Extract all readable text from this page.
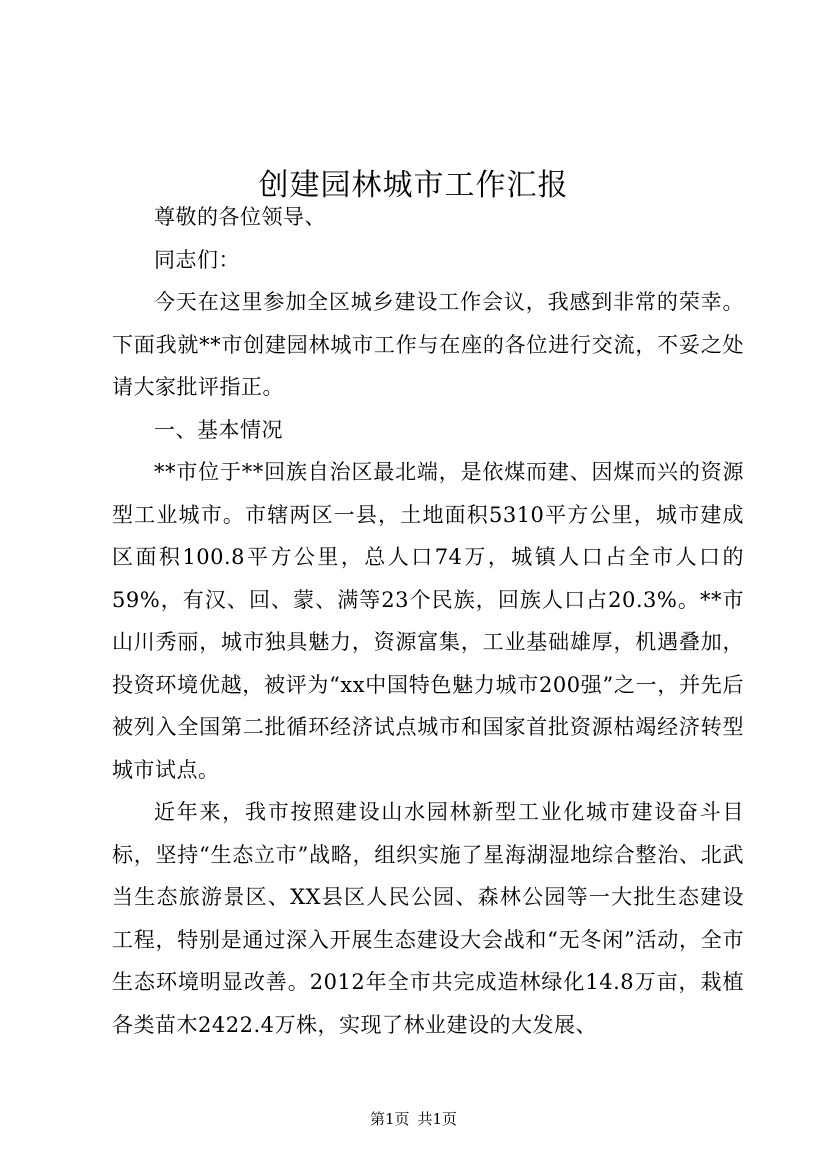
创建园林城市工作汇报

尊敬的各位领导、

同志们：

今天在这里参加全区城乡建设工作会议，我感到非常的荣幸。下面我就**市创建园林城市工作与在座的各位进行交流，不妥之处请大家批评指正。

一、基本情况

**市位于**回族自治区最北端，是依煤而建、因煤而兴的资源型工业城市。市辖两区一县，土地面积5310平方公里，城市建成区面积100.8平方公里，总人口74万，城镇人口占全市人口的59%，有汉、回、蒙、满等23个民族，回族人口占20.3%。**市山川秀丽，城市独具魅力，资源富集，工业基础雄厚，机遇叠加，投资环境优越，被评为“xx中国特色魅力城市200强”之一，并先后被列入全国第二批循环经济试点城市和国家首批资源枯竭经济转型城市试点。

近年来，我市按照建设山水园林新型工业化城市建设奋斗目标，坚持“生态立市”战略，组织实施了星海湖湿地综合整治、北武当生态旅游景区、XX县区人民公园、森林公园等一大批生态建设工程，特别是通过深入开展生态建设大会战和“无冬闲”活动，全市生态环境明显改善。2012年全市共完成造林绿化14.8万亩，栽植各类苗木2422.4万株，实现了林业建设的大发展、

第1页 共1页
